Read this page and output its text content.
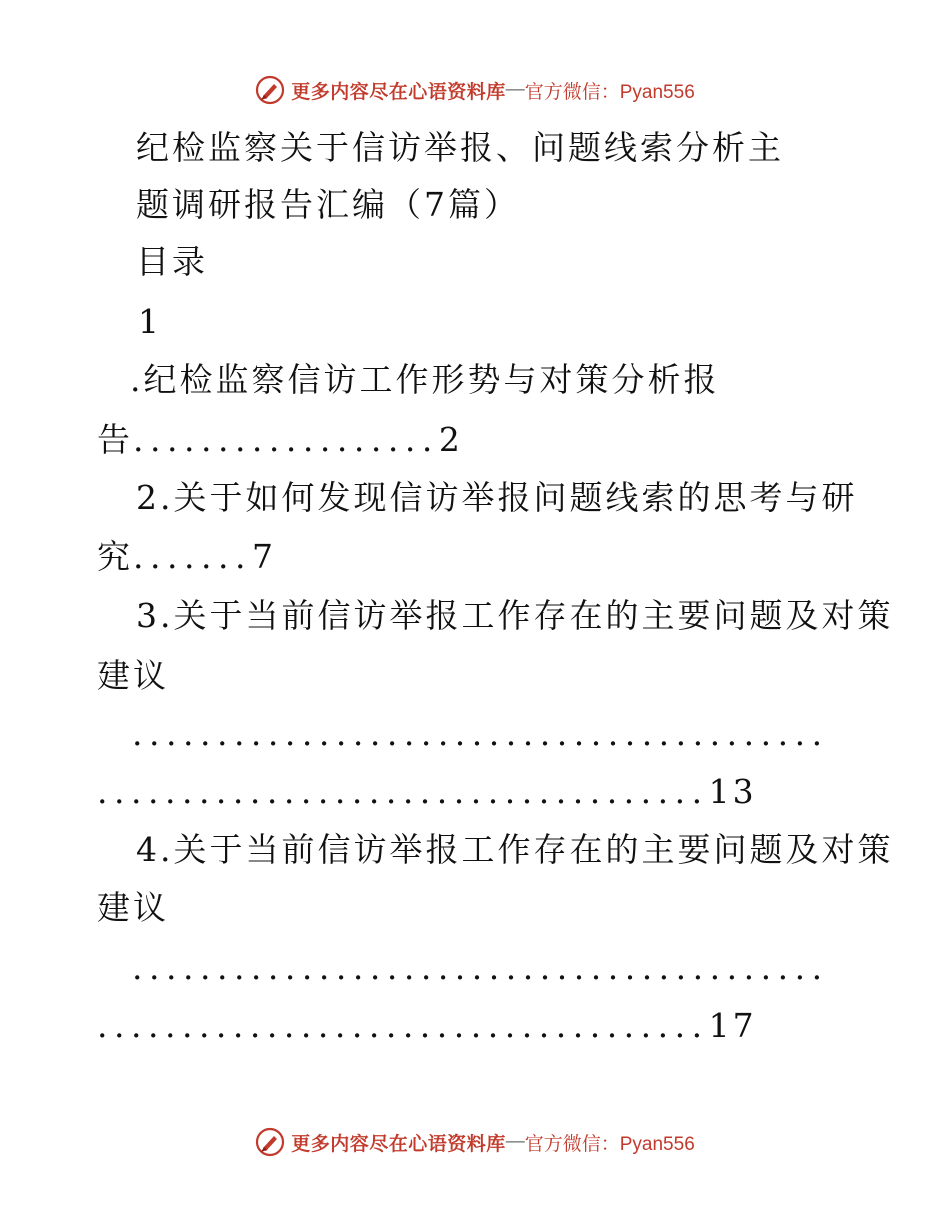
更多内容尽在心语资料库 — 官方微信：Pyan556
纪检监察关于信访举报、问题线索分析主
题调研报告汇编（7篇）
目录
1
.纪检监察信访工作形势与对策分析报
告..................2
2.关于如何发现信访举报问题线索的思考与研
究.......7
3.关于当前信访举报工作存在的主要问题及对策
建议
.........................................
....................................13
4.关于当前信访举报工作存在的主要问题及对策
建议
.........................................
....................................17
更多内容尽在心语资料库 — 官方微信：Pyan556
